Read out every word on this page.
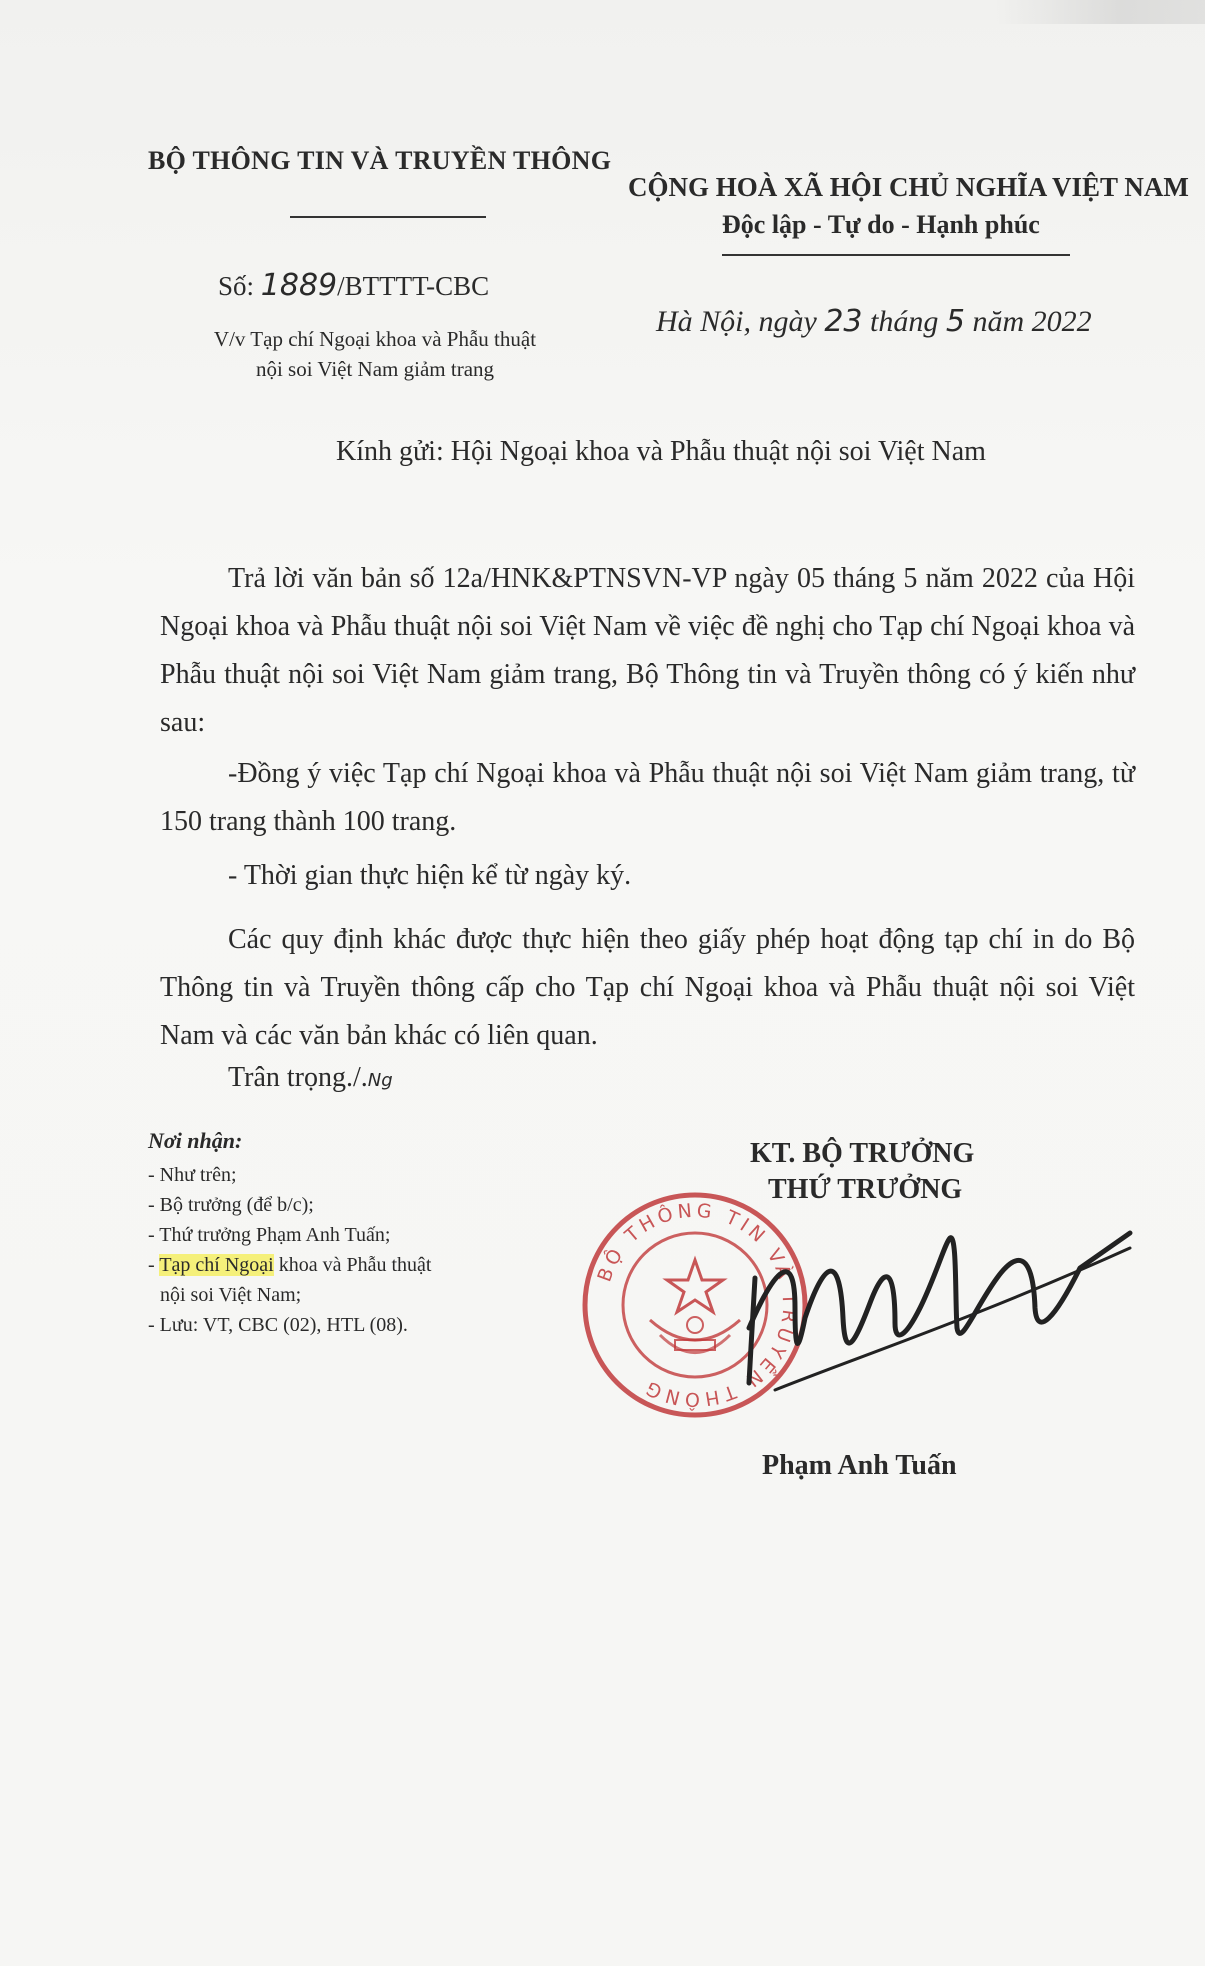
BỘ THÔNG TIN VÀ TRUYỀN THÔNG
CỘNG HOÀ XÃ HỘI CHỦ NGHĨA VIỆT NAM
Độc lập - Tự do - Hạnh phúc
Số: 1889/BTTTT-CBC
V/v Tạp chí Ngoại khoa và Phẫu thuật
nội soi Việt Nam giảm trang
Hà Nội, ngày 23 tháng 5 năm 2022
Kính gửi: Hội Ngoại khoa và Phẫu thuật nội soi Việt Nam
Trả lời văn bản số 12a/HNK&PTNSVN-VP ngày 05 tháng 5 năm 2022 của Hội Ngoại khoa và Phẫu thuật nội soi Việt Nam về việc đề nghị cho Tạp chí Ngoại khoa và Phẫu thuật nội soi Việt Nam giảm trang, Bộ Thông tin và Truyền thông có ý kiến như sau:
-Đồng ý việc Tạp chí Ngoại khoa và Phẫu thuật nội soi Việt Nam giảm trang, từ 150 trang thành 100 trang.
- Thời gian thực hiện kể từ ngày ký.
Các quy định khác được thực hiện theo giấy phép hoạt động tạp chí in do Bộ Thông tin và Truyền thông cấp cho Tạp chí Ngoại khoa và Phẫu thuật nội soi Việt Nam và các văn bản khác có liên quan.
Trân trọng./.Ng
Nơi nhận:
- Như trên;
- Bộ trưởng (để b/c);
- Thứ trưởng Phạm Anh Tuấn;
- Tạp chí Ngoại khoa và Phẫu thuật
nội soi Việt Nam;
- Lưu: VT, CBC (02), HTL (08).
KT. BỘ TRƯỞNG
THỨ TRƯỞNG
BỘ THÔNG TIN VÀ TRUYỀN THÔNG
Phạm Anh Tuấn
